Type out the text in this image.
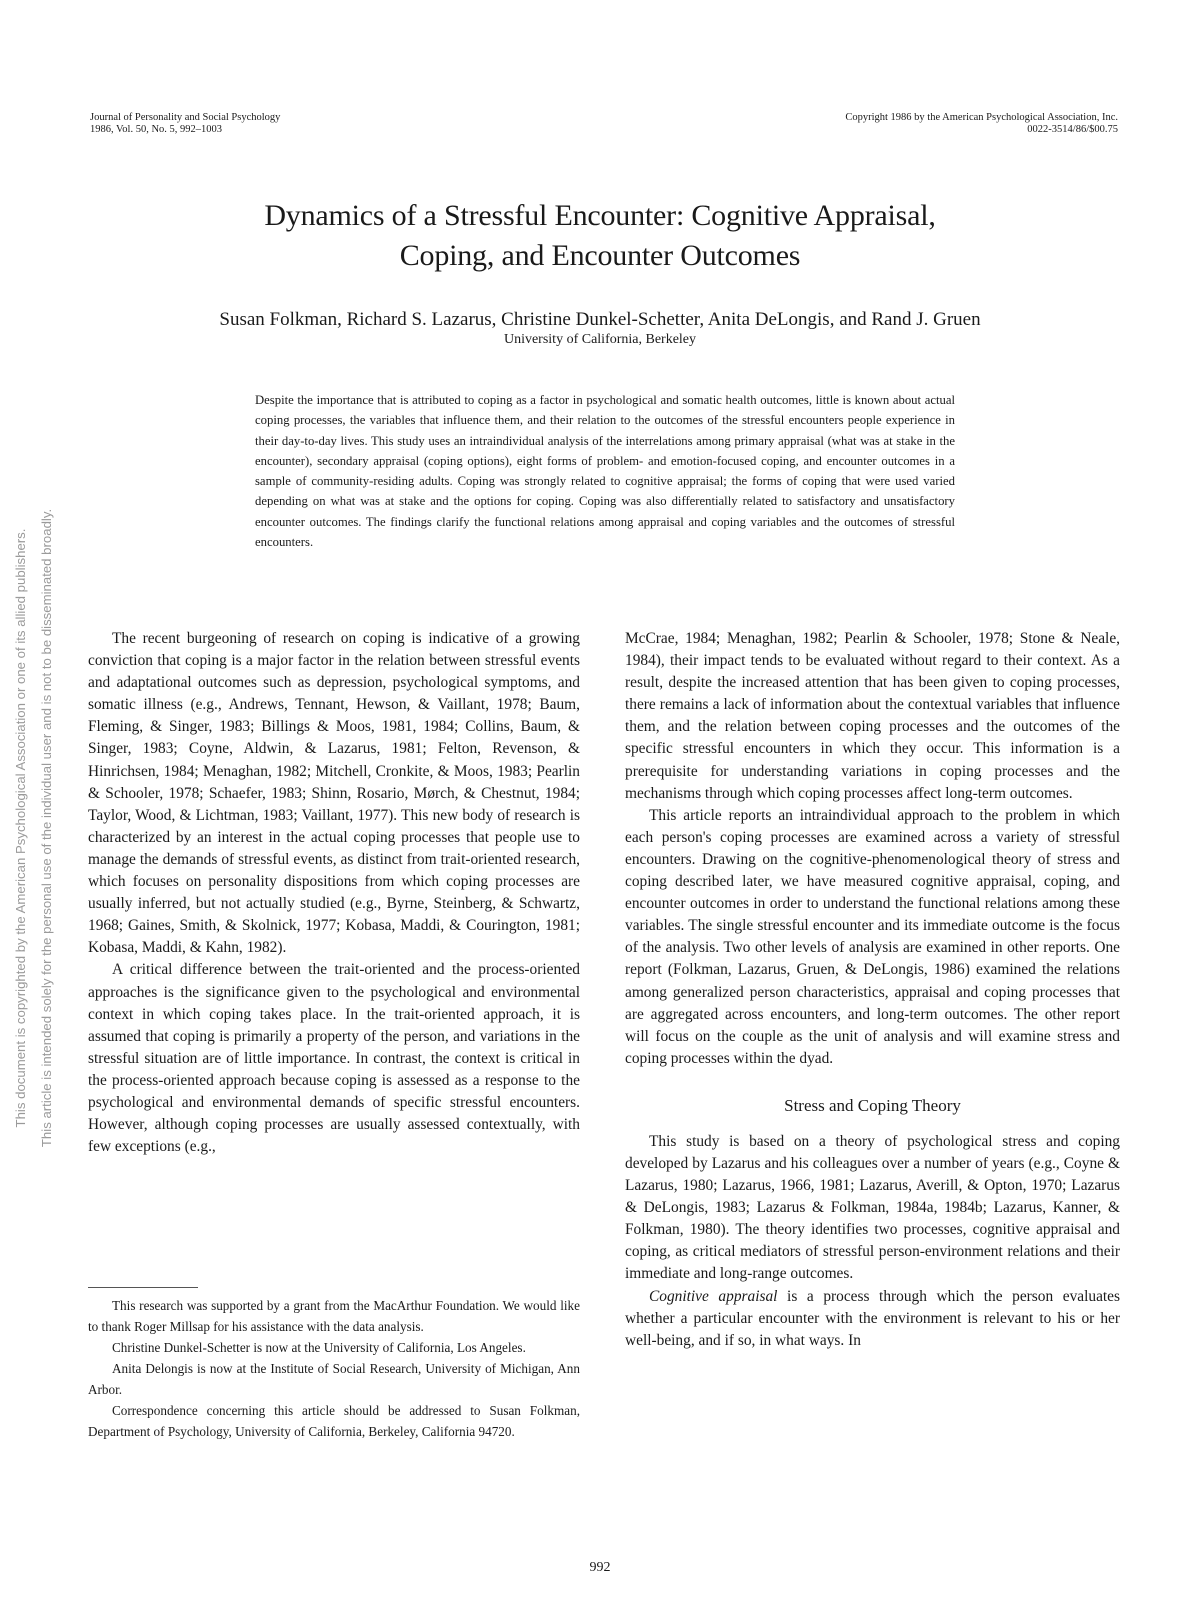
Journal of Personality and Social Psychology
1986, Vol. 50, No. 5, 992–1003
Copyright 1986 by the American Psychological Association, Inc.
0022-3514/86/$00.75
Dynamics of a Stressful Encounter: Cognitive Appraisal,
Coping, and Encounter Outcomes
Susan Folkman, Richard S. Lazarus, Christine Dunkel-Schetter, Anita DeLongis, and Rand J. Gruen
University of California, Berkeley
Despite the importance that is attributed to coping as a factor in psychological and somatic health outcomes, little is known about actual coping processes, the variables that influence them, and their relation to the outcomes of the stressful encounters people experience in their day-to-day lives. This study uses an intraindividual analysis of the interrelations among primary appraisal (what was at stake in the encounter), secondary appraisal (coping options), eight forms of problem- and emotion-focused coping, and encounter outcomes in a sample of community-residing adults. Coping was strongly related to cognitive appraisal; the forms of coping that were used varied depending on what was at stake and the options for coping. Coping was also differentially related to satisfactory and unsatisfactory encounter outcomes. The findings clarify the functional relations among appraisal and coping variables and the outcomes of stressful encounters.
This document is copyrighted by the American Psychological Association or one of its allied publishers. This article is intended solely for the personal use of the individual user and is not to be disseminated broadly.	The recent burgeoning of research on coping is indicative of a growing conviction that coping is a major factor in the relation between stressful events and adaptational outcomes such as depression, psychological symptoms, and somatic illness (e.g., Andrews, Tennant, Hewson, & Vaillant, 1978; Baum, Fleming, & Singer, 1983; Billings & Moos, 1981, 1984; Collins, Baum, & Singer, 1983; Coyne, Aldwin, & Lazarus, 1981; Felton, Revenson, & Hinrichsen, 1984; Menaghan, 1982; Mitchell, Cronkite, & Moos, 1983; Pearlin & Schooler, 1978; Schaefer, 1983; Shinn, Rosario, Mørch, & Chestnut, 1984; Taylor, Wood, & Lichtman, 1983; Vaillant, 1977). This new body of research is characterized by an interest in the actual coping processes that people use to manage the demands of stressful events, as distinct from trait-oriented research, which focuses on personality dispositions from which coping processes are usually inferred, but not actually studied (e.g., Byrne, Steinberg, & Schwartz, 1968; Gaines, Smith, & Skolnick, 1977; Kobasa, Maddi, & Courington, 1981; Kobasa, Maddi, & Kahn, 1982).

A critical difference between the trait-oriented and the process-oriented approaches is the significance given to the psychological and environmental context in which coping takes place. In the trait-oriented approach, it is assumed that coping is primarily a property of the person, and variations in the stressful situation are of little importance. In contrast, the context is critical in the process-oriented approach because coping is assessed as a response to the psychological and environmental demands of specific stressful encounters. However, although coping processes are usually assessed contextually, with few exceptions (e.g.,

McCrae, 1984; Menaghan, 1982; Pearlin & Schooler, 1978; Stone & Neale, 1984), their impact tends to be evaluated without regard to their context. As a result, despite the increased attention that has been given to coping processes, there remains a lack of information about the contextual variables that influence them, and the relation between coping processes and the outcomes of the specific stressful encounters in which they occur. This information is a prerequisite for understanding variations in coping processes and the mechanisms through which coping processes affect long-term outcomes.

This article reports an intraindividual approach to the problem in which each person's coping processes are examined across a variety of stressful encounters. Drawing on the cognitive-phenomenological theory of stress and coping described later, we have measured cognitive appraisal, coping, and encounter outcomes in order to understand the functional relations among these variables. The single stressful encounter and its immediate outcome is the focus of the analysis. Two other levels of analysis are examined in other reports. One report (Folkman, Lazarus, Gruen, & DeLongis, 1986) examined the relations among generalized person characteristics, appraisal and coping processes that are aggregated across encounters, and long-term outcomes. The other report will focus on the couple as the unit of analysis and will examine stress and coping processes within the dyad.

Stress and Coping Theory

This study is based on a theory of psychological stress and coping developed by Lazarus and his colleagues over a number of years (e.g., Coyne & Lazarus, 1980; Lazarus, 1966, 1981; Lazarus, Averill, & Opton, 1970; Lazarus & DeLongis, 1983; Lazarus & Folkman, 1984a, 1984b; Lazarus, Kanner, & Folkman, 1980). The theory identifies two processes, cognitive appraisal and coping, as critical mediators of stressful person-environment relations and their immediate and long-range outcomes.

Cognitive appraisal is a process through which the person evaluates whether a particular encounter with the environment is relevant to his or her well-being, and if so, in what ways. In

This research was supported by a grant from the MacArthur Foundation. We would like to thank Roger Millsap for his assistance with the data analysis.

Christine Dunkel-Schetter is now at the University of California, Los Angeles.

Anita Delongis is now at the Institute of Social Research, University of Michigan, Ann Arbor.

Correspondence concerning this article should be addressed to Susan Folkman, Department of Psychology, University of California, Berkeley, California 94720.

992
